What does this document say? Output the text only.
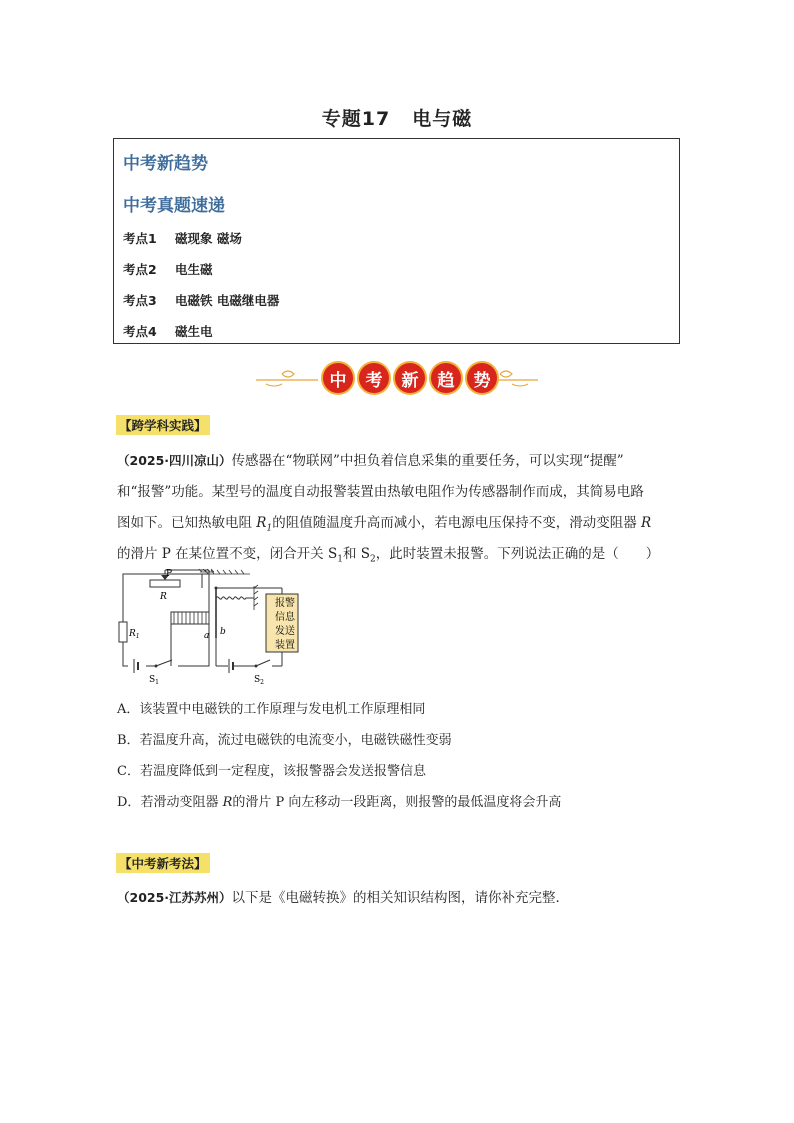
专题17 电与磁
中考新趋势
中考真题速递
考点1 磁现象 磁场
考点2 电生磁
考点3 电磁铁 电磁继电器
考点4 磁生电
中	考	新	趋	势
【跨学科实践】
（2025·四川凉山）传感器在“物联网”中担负着信息采集的重要任务，可以实现“提醒”
和“报警”功能。某型号的温度自动报警装置由热敏电阻作为传感器制作而成，其简易电路
图如下。已知热敏电阻 $R_1$的阻值随温度升高而减小，若电源电压保持不变，滑动变阻器 R
的滑片 P 在某位置不变，闭合开关 $S_1$和 $S_2$，此时装置未报警。下列说法正确的是（　　）
P
R
$R_1$
$S_1$
a b
$S_2$
报警
信息
发送
装置
A．该装置中电磁铁的工作原理与发电机工作原理相同
B．若温度升高，流过电磁铁的电流变小，电磁铁磁性变弱
C．若温度降低到一定程度，该报警器会发送报警信息
D．若滑动变阻器 R的滑片 P 向左移动一段距离，则报警的最低温度将会升高
【中考新考法】
（2025·江苏苏州）以下是《电磁转换》的相关知识结构图，请你补充完整．
